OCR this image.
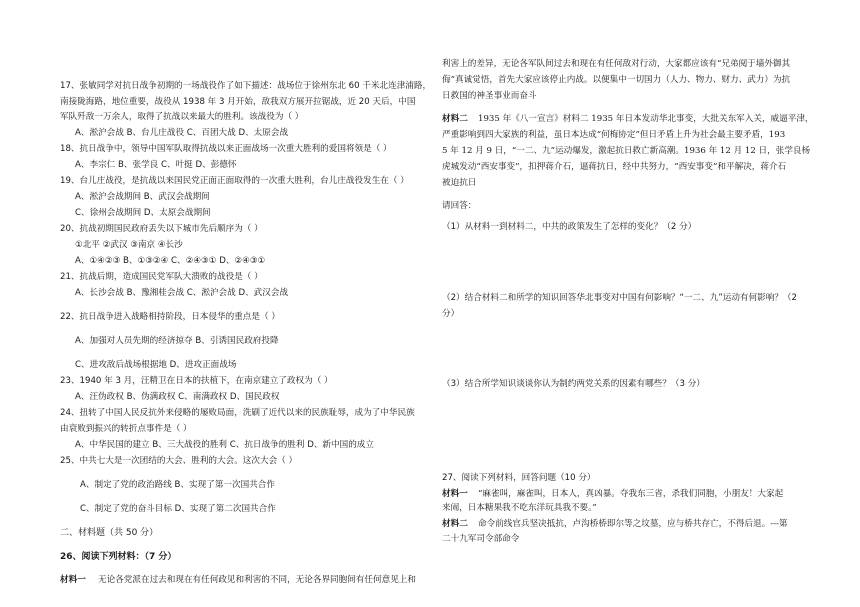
17、张敏同学对抗日战争初期的一场战役作了如下描述：战场位于徐州东北 60 千米北连津浦路，
南接陇海路，地位重要，战役从 1938 年 3 月开始，敌我双方展开拉锯战，近 20 天后，中国
军队歼敌一万余人，取得了抗战以来最大的胜利。该战役为（ ）
A、淞沪会战 B、台儿庄战役 C、百团大战 D、太原会战
18、抗日战争中，领导中国军队取得抗战以来正面战场一次重大胜利的爱国将领是（ ）
A、李宗仁 B、张学良 C、叶挺 D、彭德怀
19、台儿庄战役，是抗战以来国民党正面正面取得的一次重大胜利，台儿庄战役发生在（ ）
A、淞沪会战期间 B、武汉会战期间
C、徐州会战期间 D、太原会战期间
20、抗战初期国民政府丢失以下城市先后顺序为（ ）
①北平 ②武汉 ③南京 ④长沙
A、①④②③ B、①③②④ C、②④③① D、②④③①
21、抗战后期，造成国民党军队大溃败的战役是（ ）
A、长沙会战 B、豫湘桂会战 C、淞沪会战 D、武汉会战
22、抗日战争进入战略相持阶段，日本侵华的重点是（ ）
A、加强对人员先期的经济掠夺 B、引诱国民政府投降
C、进攻敌后战场根据地 D、进攻正面战场
23、1940 年 3 月，汪精卫在日本的扶植下，在南京建立了政权为（ ）
A、汪伪政权 B、伪满政权 C、南满政权 D、国民政权
24、扭转了中国人民反抗外来侵略的屡败局面，洗刷了近代以来的民族耻辱，成为了中华民族
由衰败到振兴的转折点事件是（ ）
A、中华民国的建立 B、三大战役的胜利 C、抗日战争的胜利 D、新中国的成立
25、中共七大是一次团结的大会、胜利的大会。这次大会（ ）
A、制定了党的政治路线 B、实现了第一次国共合作
C、制定了党的奋斗目标 D、实现了第二次国共合作
二、材料题（共 50 分）
26、阅读下列材料：（7 分）
材料一 无论各党派在过去和现在有任何政见和利害的不同，无论各界同胞间有任何意见上和
利害上的差异，无论各军队间过去和现在有任何敌对行动，大家都应该有“兄弟阋于墙外御其
侮”真诚觉悟，首先大家应该停止内战。以便集中一切国力（人力、物力、财力、武力）为抗
日救国的神圣事业而奋斗
材料二 1935 年《八一宣言》材料二 1935 年日本发动华北事变，大批关东军入关，威逼平津，
严重影响到四大家族的利益，虽日本达成“何梅协定”但日矛盾上升为社会最主要矛盾，193
5 年 12 月 9 日，“一二、九”运动爆发，激起抗日救亡新高潮。1936 年 12 月 12 日，张学良杨
虎城发动“西安事变”，扣押蒋介石，逼蒋抗日，经中共努力，“西安事变”和平解决，蒋介石
被迫抗日
请回答：
（1）从材料一到材料二，中共的政策发生了怎样的变化？（2 分）
（2）结合材料二和所学的知识回答华北事变对中国有何影响？“一二、九”运动有何影响？（2
分）
（3）结合所学知识谈谈你认为制约两党关系的因素有哪些？（3 分）
27、阅读下列材料，回答问题（10 分）
材料一 “麻雀叫，麻雀叫，日本人，真凶暴。夺我东三省，杀我们同胞，小朋友！大家起
来闹，日本糖果我不吃东洋玩具我不要。”
材料二 命令前线官兵坚决抵抗，卢沟桥桥即尔等之坟墓，应与桥共存亡，不得后退。---第
二十九军司令部命令
